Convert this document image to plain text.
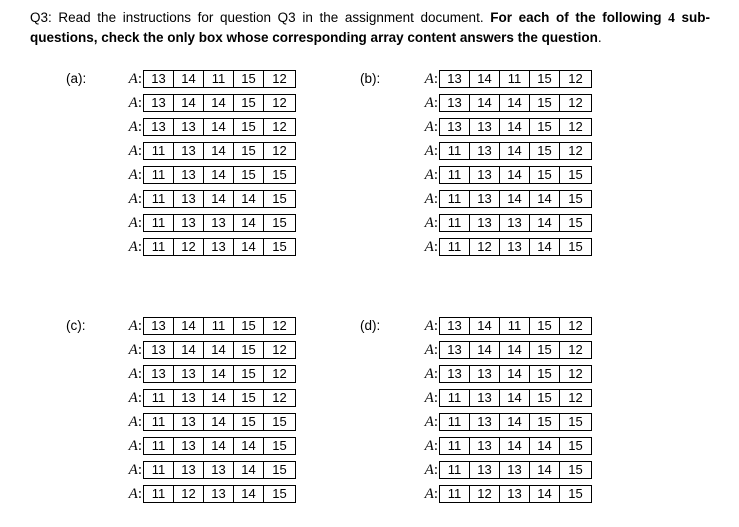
Q3: Read the instructions for question Q3 in the assignment document. For each of the following 4 sub-questions, check the only box whose corresponding array content answers the question.
(a):	A: 13	14	11	15	12
A: 13	14	14	15	12
A: 13	13	14	15	12
A: 11	13	14	15	12
A: 11	13	14	15	15
A: 11	13	14	14	15
A: 11	13	13	14	15
A: 11	12	13	14	15
(b):	A: 13	14	11	15	12
A: 13	14	14	15	12
A: 13	13	14	15	12
A: 11	13	14	15	12
A: 11	13	14	15	15
A: 11	13	14	14	15
A: 11	13	13	14	15
A: 11	12	13	14	15
(c):	A: 13	14	11	15	12
A: 13	14	14	15	12
A: 13	13	14	15	12
A: 11	13	14	15	12
A: 11	13	14	15	15
A: 11	13	14	14	15
A: 11	13	13	14	15
A: 11	12	13	14	15
(d):	A: 13	14	11	15	12
A: 13	14	14	15	12
A: 13	13	14	15	12
A: 11	13	14	15	12
A: 11	13	14	15	15
A: 11	13	14	14	15
A: 11	13	13	14	15
A: 11	12	13	14	15
